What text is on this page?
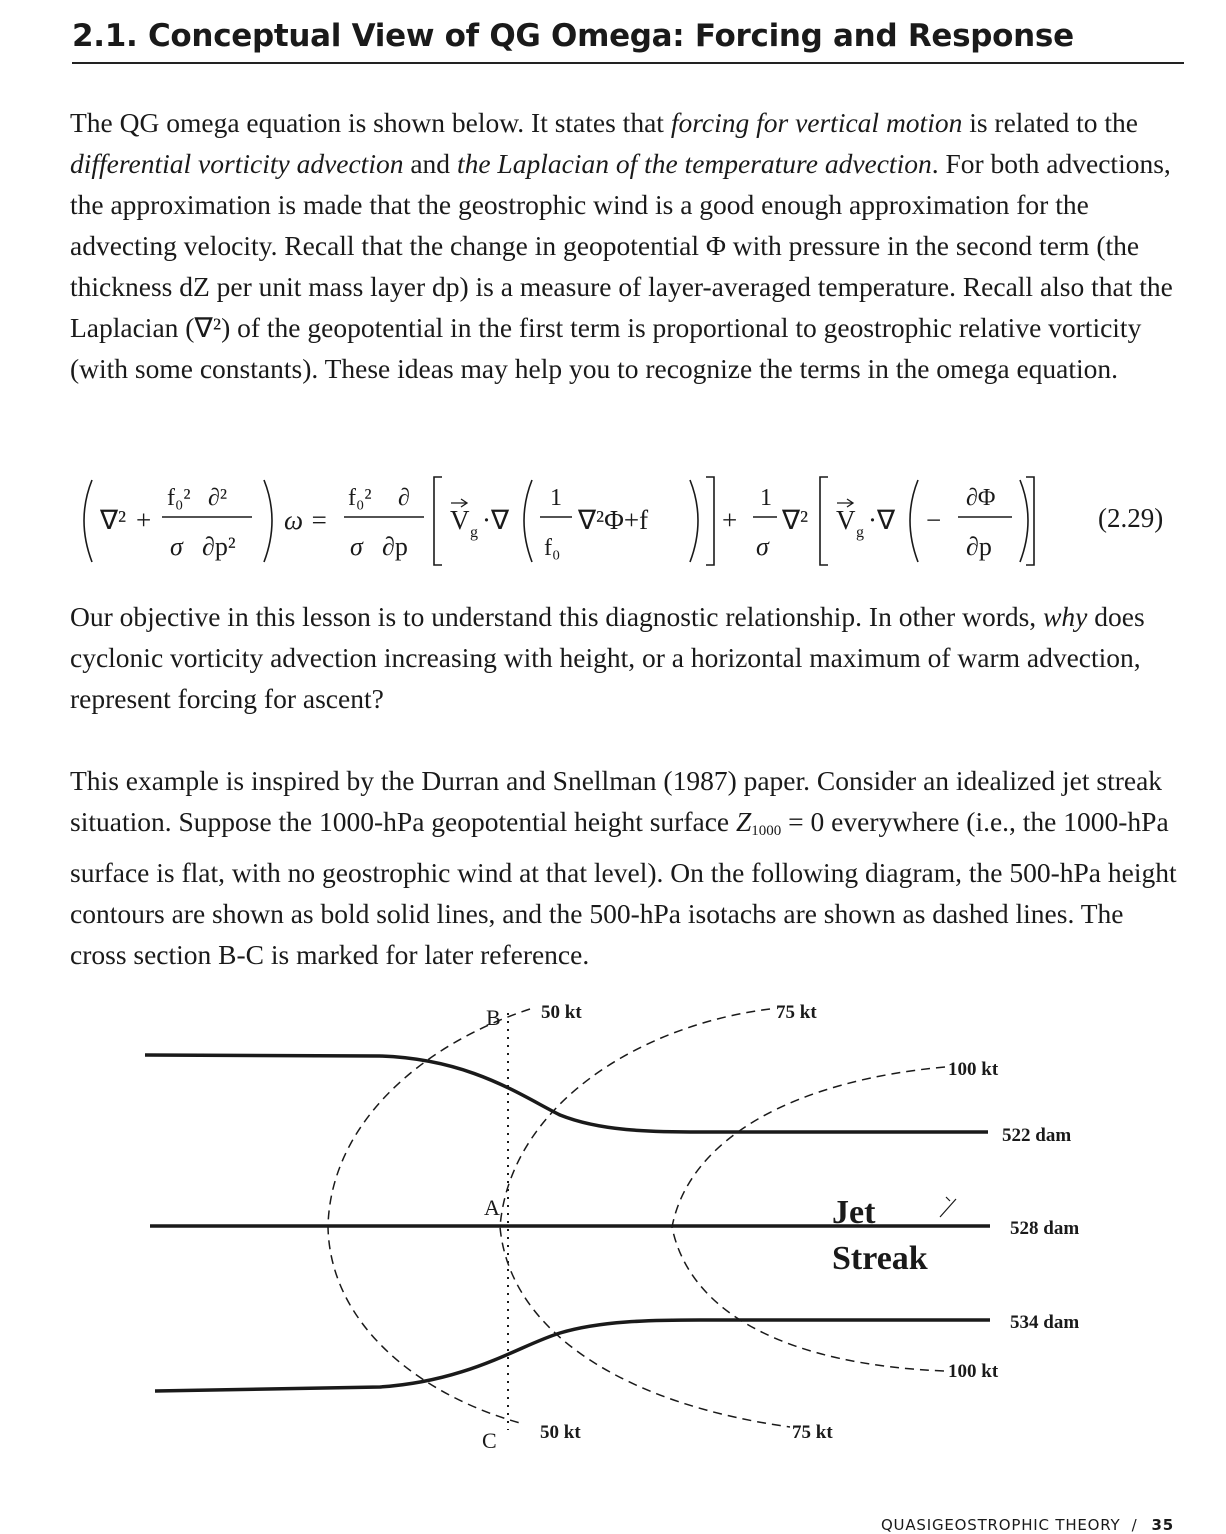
2.1. Conceptual View of QG Omega: Forcing and Response

The QG omega equation is shown below. It states that forcing for vertical motion is related to the differential vorticity advection and the Laplacian of the temperature advection. For both advections, the approximation is made that the geostrophic wind is a good enough approximation for the advecting velocity. Recall that the change in geopotential Φ with pressure in the second term (the thickness dZ per unit mass layer dp) is a measure of layer-averaged temperature. Recall also that the Laplacian (∇²) of the geopotential in the first term is proportional to geostrophic relative vorticity (with some constants). These ideas may help you to recognize the terms in the omega equation.

∇² +
f₀² ∂²
σ ∂p²
ω =
f₀² ∂
σ ∂p
V g ·∇
1
f₀
∇²Φ+f	+
1
σ
∇² V g ·∇ −
∂Φ
∂p
(2.29)

Our objective in this lesson is to understand this diagnostic relationship. In other words, why does cyclonic vorticity advection increasing with height, or a horizontal maximum of warm advection, represent forcing for ascent?

This example is inspired by the Durran and Snellman (1987) paper. Consider an idealized jet streak situation. Suppose the 1000-hPa geopotential height surface $Z_{1000} = 0$ everywhere (i.e., the 1000-hPa surface is flat, with no geostrophic wind at that level). On the following diagram, the 500-hPa height contours are shown as bold solid lines, and the 500-hPa isotachs are shown as dashed lines. The cross section B-C is marked for later reference.

B
A
C
50 kt	75 kt
100 kt
100 kt
50 kt	75 kt
522 dam
528 dam
534 dam
Jet
Streak
QUASIGEOSTROPHIC THEORY / 35
